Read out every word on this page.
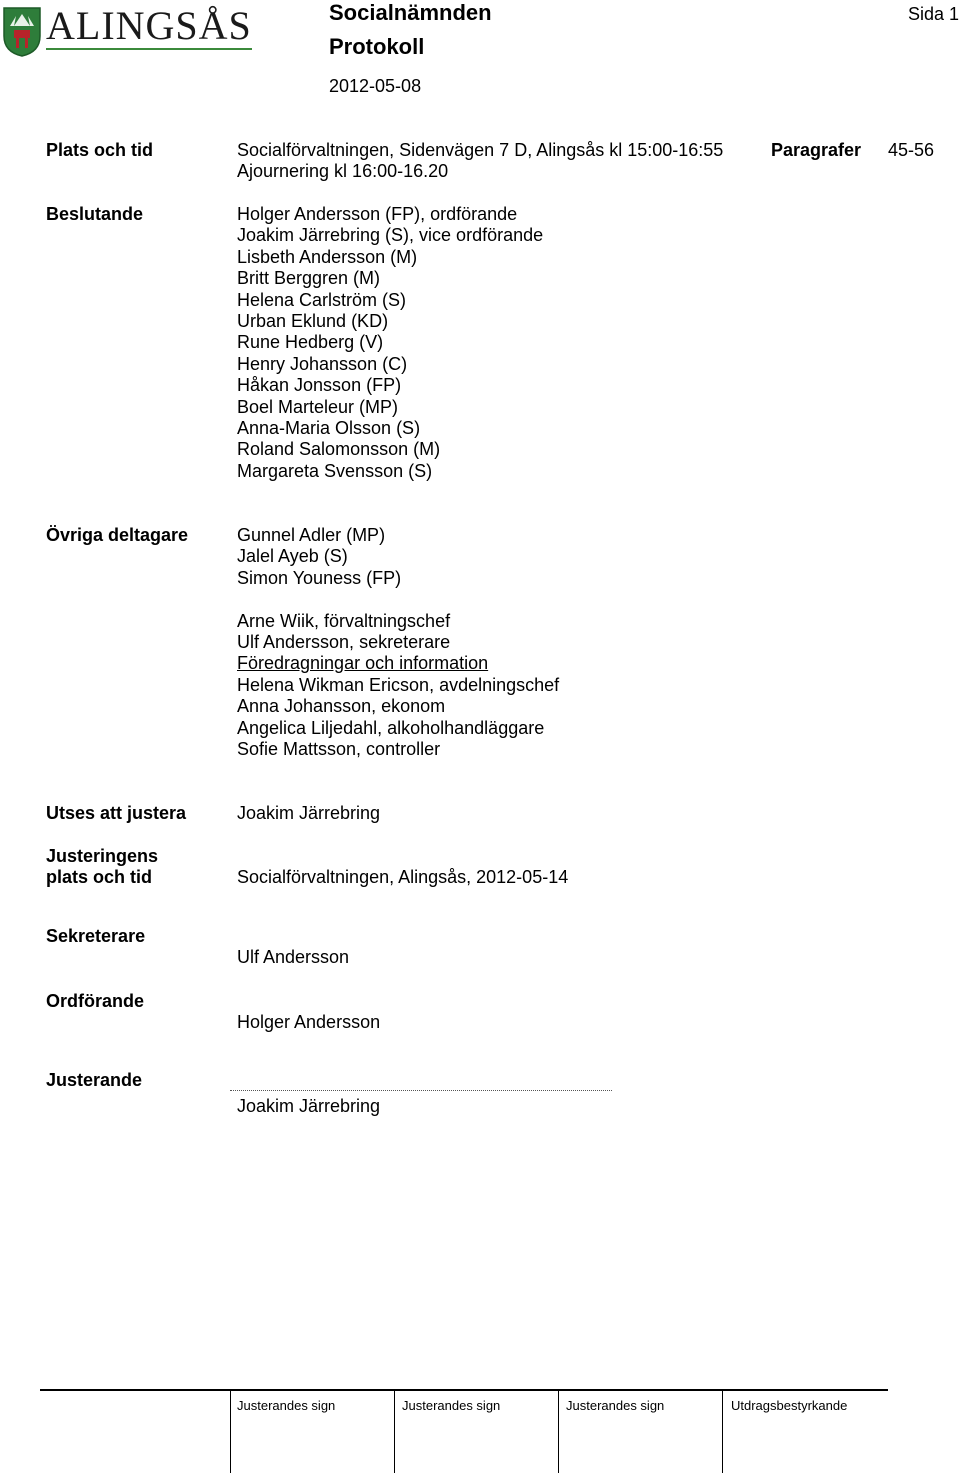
ALINGSÅS	Socialnämnden
Protokoll
2012-05-08
Sida 1
Plats och tid	Socialförvaltningen, Sidenvägen 7 D, Alingsås kl 15:00-16:55
Ajournering kl 16:00-16.20
Paragrafer 45-56
Beslutande	Holger Andersson (FP), ordförande
Joakim Järrebring (S), vice ordförande
Lisbeth Andersson (M)
Britt Berggren (M)
Helena Carlström (S)
Urban Eklund (KD)
Rune Hedberg (V)
Henry Johansson (C)
Håkan Jonsson (FP)
Boel Marteleur (MP)
Anna-Maria Olsson (S)
Roland Salomonsson (M)
Margareta Svensson (S)
Övriga deltagare	Gunnel Adler (MP)
Jalel Ayeb (S)
Simon Youness (FP)
Arne Wiik, förvaltningschef
Ulf Andersson, sekreterare
Föredragningar och information
Helena Wikman Ericson, avdelningschef
Anna Johansson, ekonom
Angelica Liljedahl, alkoholhandläggare
Sofie Mattsson, controller
Utses att justera	Joakim Järrebring
Justeringens
plats och tid	Socialförvaltningen, Alingsås, 2012-05-14
Sekreterare
Ulf Andersson
Ordförande
Holger Andersson
Justerande
Joakim Järrebring
Justerandes sign	Justerandes sign	Justerandes sign	Utdragsbestyrkande
